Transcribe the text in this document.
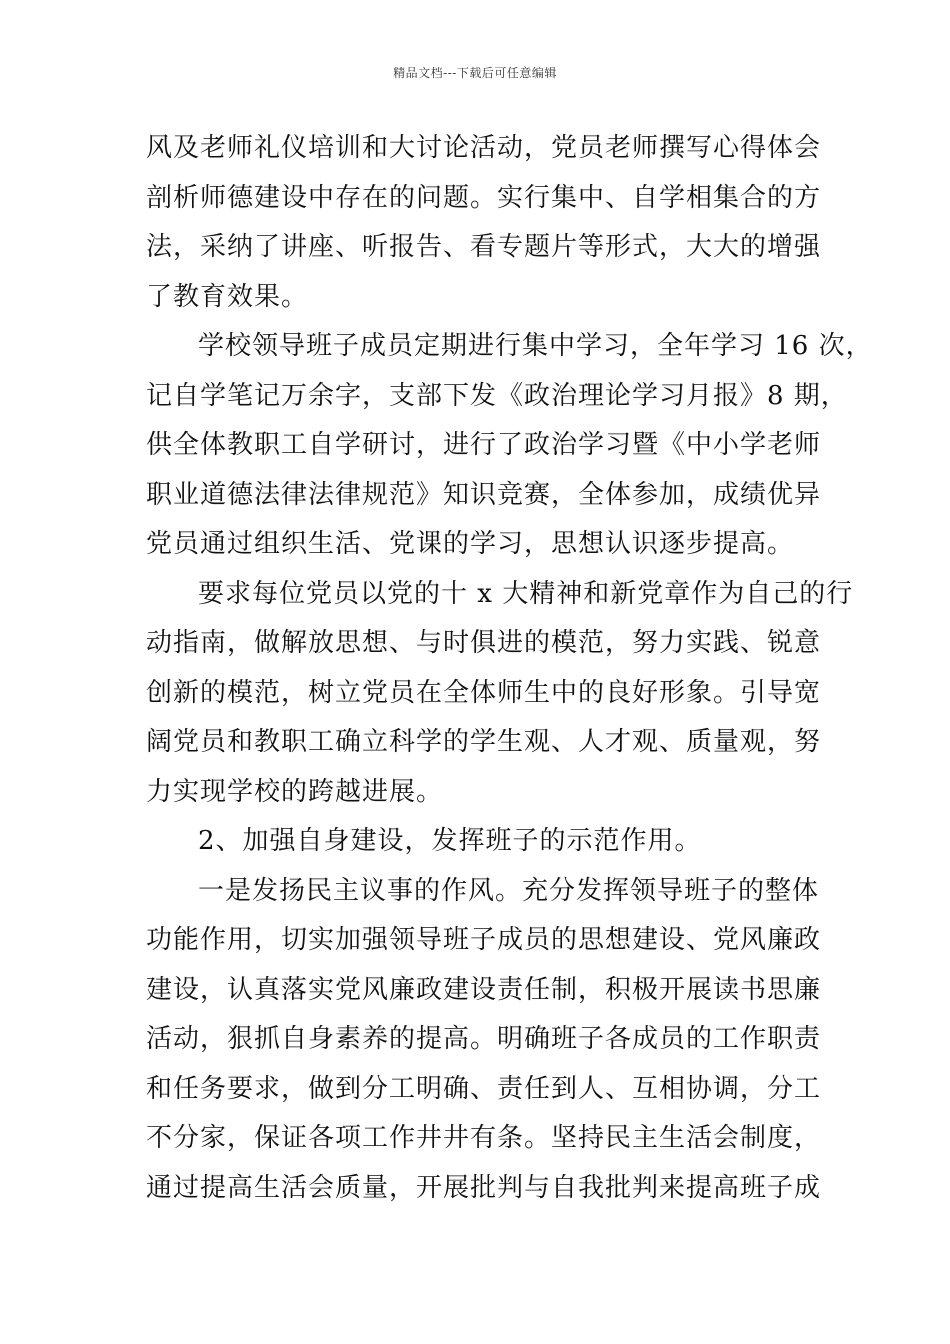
精品文档---下载后可任意编辑
风及老师礼仪培训和大讨论活动，党员老师撰写心得体会
剖析师德建设中存在的问题。实行集中、自学相集合的方
法，采纳了讲座、听报告、看专题片等形式，大大的增强
了教育效果。
学校领导班子成员定期进行集中学习，全年学习 16 次，
记自学笔记万余字，支部下发《政治理论学习月报》8 期，
供全体教职工自学研讨，进行了政治学习暨《中小学老师
职业道德法律法律规范》知识竞赛，全体参加，成绩优异
党员通过组织生活、党课的学习，思想认识逐步提高。
要求每位党员以党的十 x 大精神和新党章作为自己的行
动指南，做解放思想、与时俱进的模范，努力实践、锐意
创新的模范，树立党员在全体师生中的良好形象。引导宽
阔党员和教职工确立科学的学生观、人才观、质量观，努
力实现学校的跨越进展。
2、加强自身建设，发挥班子的示范作用。
一是发扬民主议事的作风。充分发挥领导班子的整体
功能作用，切实加强领导班子成员的思想建设、党风廉政
建设，认真落实党风廉政建设责任制，积极开展读书思廉
活动，狠抓自身素养的提高。明确班子各成员的工作职责
和任务要求，做到分工明确、责任到人、互相协调，分工
不分家，保证各项工作井井有条。坚持民主生活会制度，
通过提高生活会质量，开展批判与自我批判来提高班子成
